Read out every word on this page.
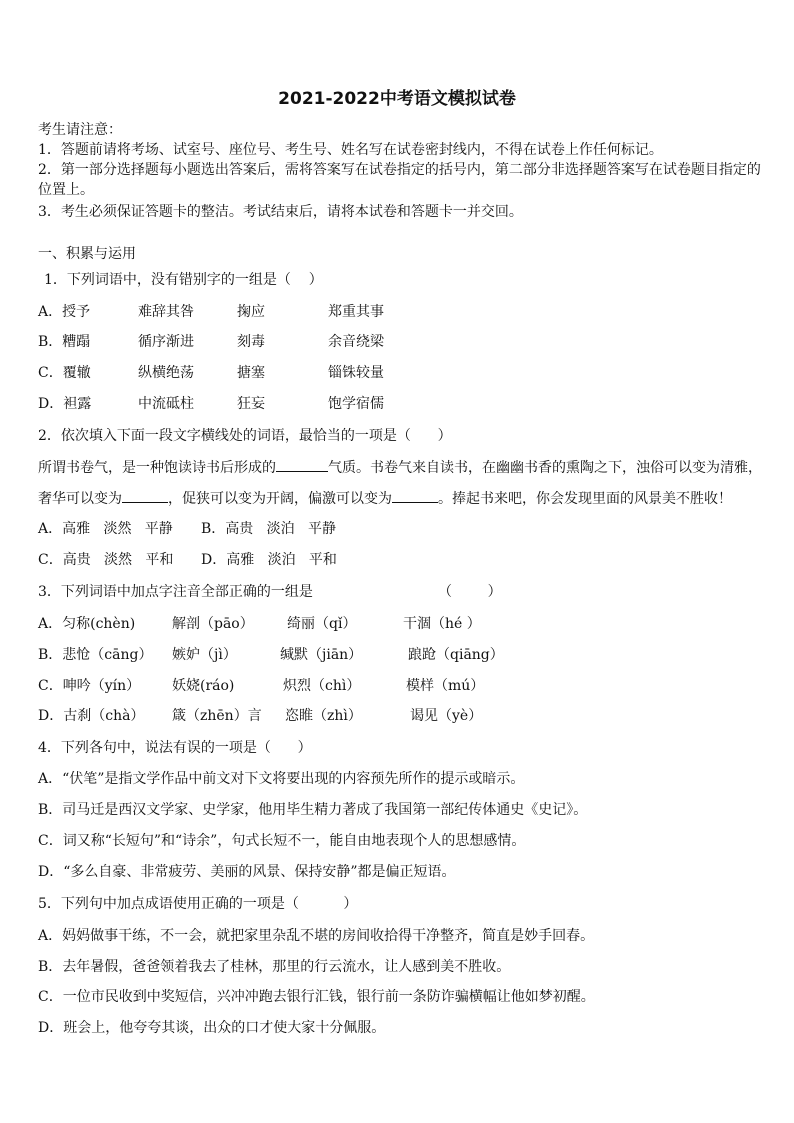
2021-2022中考语文模拟试卷
考生请注意：
1．答题前请将考场、试室号、座位号、考生号、姓名写在试卷密封线内，不得在试卷上作任何标记。
2．第一部分选择题每小题选出答案后，需将答案写在试卷指定的括号内，第二部分非选择题答案写在试卷题目指定的
位置上。
3．考生必须保证答题卡的整洁。考试结束后，请将本试卷和答题卡一并交回。
一、积累与运用
1．下列词语中，没有错别字的一组是（    ）
A．授予	难辞其咎	掬应	郑重其事
B．糟蹋	循序渐进	刻毒	余音绕梁
C．覆辙	纵横绝荡	搪塞	锱铢较量
D．袒露	中流砥柱	狂妄	饱学宿儒
2．依次填入下面一段文字横线处的词语，最恰当的一项是（      ）
所谓书卷气，是一种饱读诗书后形成的	气质。书卷气来自读书，在幽幽书香的熏陶之下，浊俗可以变为清雅，
奢华可以变为	，促狭可以变为开阔，偏激可以变为	。捧起书来吧，你会发现里面的风景美不胜收！
A．高雅   淡然   平静 B．高贵   淡泊   平静
C．高贵   淡然   平和 D．高雅   淡泊   平和
3．下列词语中加点字注音全部正确的一组是	（        ）
A．匀称(chèn)	解剖（pāo） 绮丽（qǐ）	干涸（hé ）
B．悲怆（cāng） 嫉妒（jì）	缄默（jiān）	踉跄（qiāng）
C．呻吟（yín） 妖娆(ráo)	炽烈（chì）	模样（mú）
D．古刹（chà） 箴（zhēn）言 恣睢（zhì）	谒见（yè）
4．下列各句中，说法有误的一项是（      ）
A．“伏笔”是指文学作品中前文对下文将要出现的内容预先所作的提示或暗示。
B．司马迁是西汉文学家、史学家，他用毕生精力著成了我国第一部纪传体通史《史记》。
C．词又称“长短句”和“诗余”，句式长短不一，能自由地表现个人的思想感情。
D．“多么自豪、非常疲劳、美丽的风景、保持安静”都是偏正短语。
5．下列句中加点成语使用正确的一项是（          ）
A．妈妈做事干练，不一会，就把家里杂乱不堪的房间收拾得干净整齐，简直是妙手回春。
B．去年暑假，爸爸领着我去了桂林，那里的行云流水，让人感到美不胜收。
C．一位市民收到中奖短信，兴冲冲跑去银行汇钱，银行前一条防诈骗横幅让他如梦初醒。
D．班会上，他夸夸其谈，出众的口才使大家十分佩服。
